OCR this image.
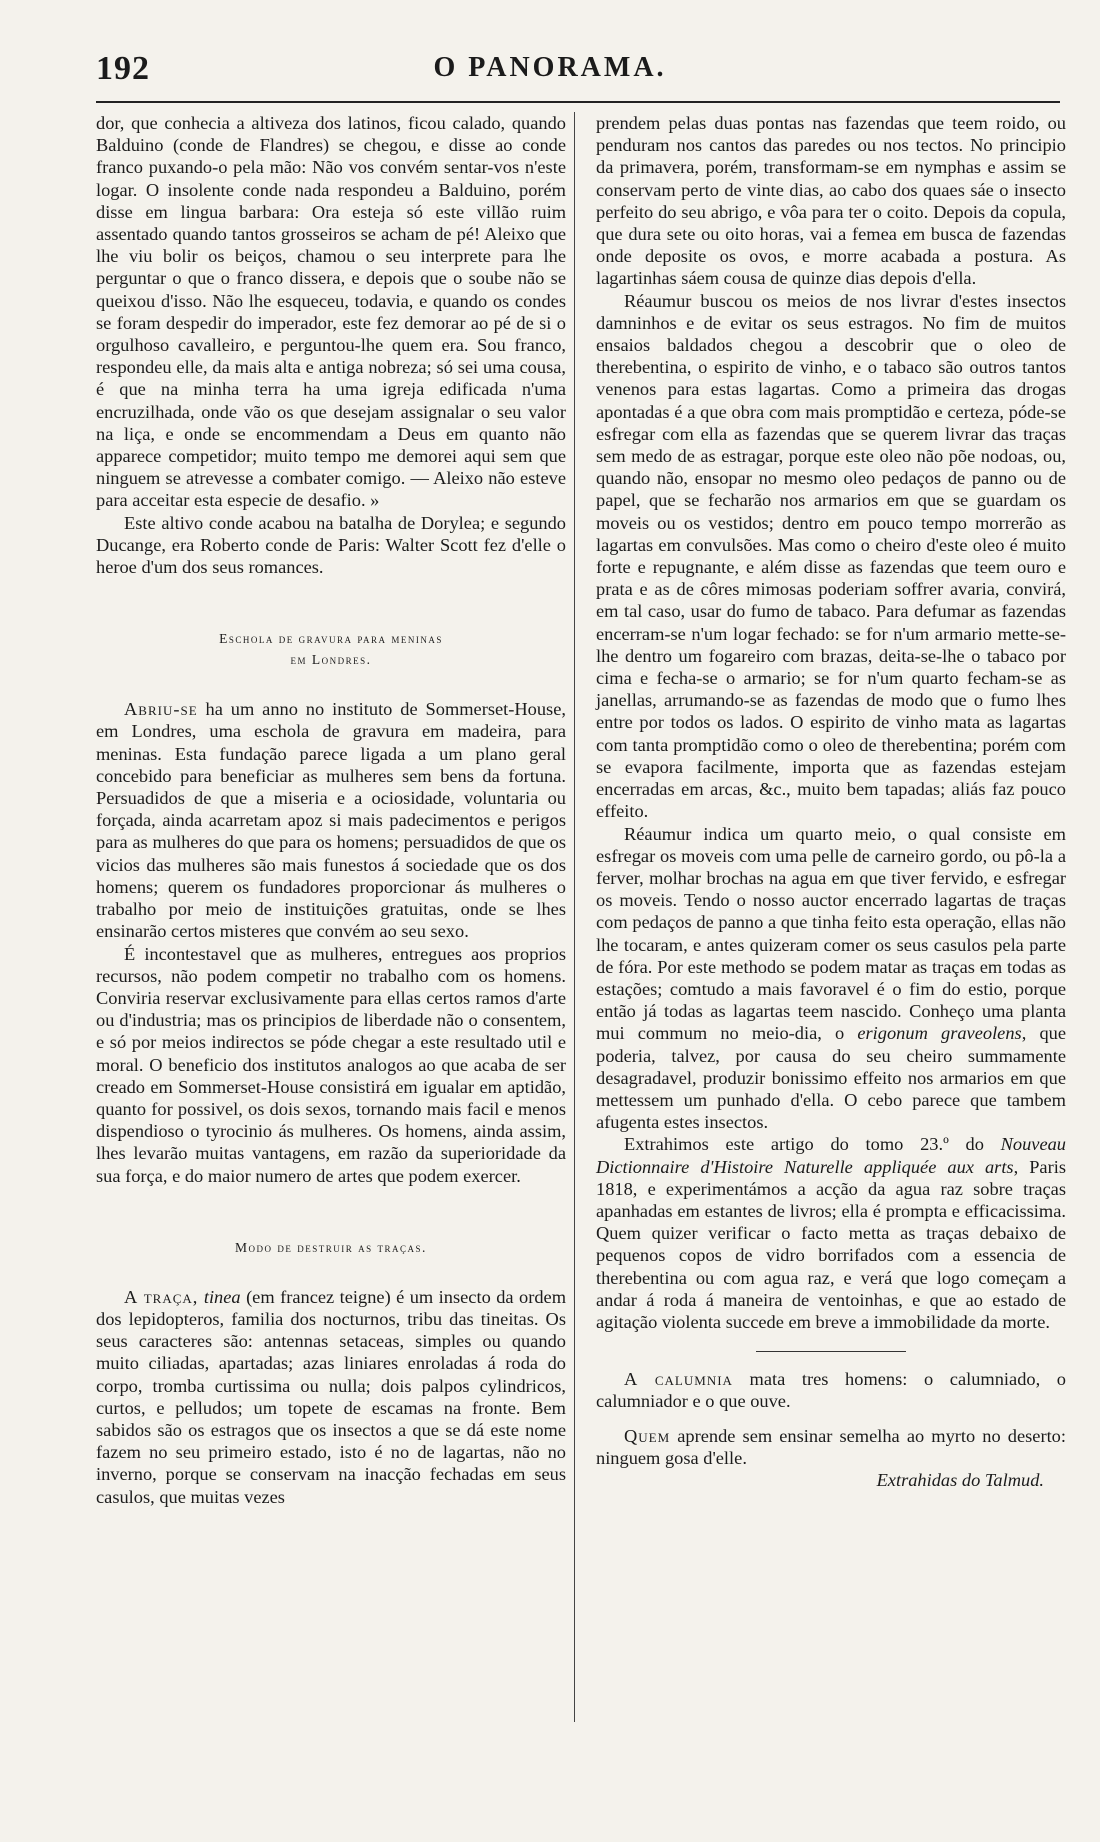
192	O PANORAMA.

dor, que conhecia a altiveza dos latinos, ficou calado, quando Balduino (conde de Flandres) se chegou, e disse ao conde franco puxando-o pela mão: Não vos convém sentar-vos n'este logar. O insolente conde nada respondeu a Balduino, porém disse em lingua barbara: Ora esteja só este villão ruim assentado quando tantos grosseiros se acham de pé! Aleixo que lhe viu bolir os beiços, chamou o seu interprete para lhe perguntar o que o franco dissera, e depois que o soube não se queixou d'isso. Não lhe esqueceu, todavia, e quando os condes se foram despedir do imperador, este fez demorar ao pé de si o orgulhoso cavalleiro, e perguntou-lhe quem era. Sou franco, respondeu elle, da mais alta e antiga nobreza; só sei uma cousa, é que na minha terra ha uma igreja edificada n'uma encruzilhada, onde vão os que desejam assignalar o seu valor na liça, e onde se encommendam a Deus em quanto não apparece competidor; muito tempo me demorei aqui sem que ninguem se atrevesse a combater comigo. — Aleixo não esteve para acceitar esta especie de desafio. »

Este altivo conde acabou na batalha de Dorylea; e segundo Ducange, era Roberto conde de Paris: Walter Scott fez d'elle o heroe d'um dos seus romances.

Eschola de gravura para meninas
em Londres.

Abriu-se ha um anno no instituto de Sommerset-House, em Londres, uma eschola de gravura em madeira, para meninas. Esta fundação parece ligada a um plano geral concebido para beneficiar as mulheres sem bens da fortuna. Persuadidos de que a miseria e a ociosidade, voluntaria ou forçada, ainda acarretam apoz si mais padecimentos e perigos para as mulheres do que para os homens; persuadidos de que os vicios das mulheres são mais funestos á sociedade que os dos homens; querem os fundadores proporcionar ás mulheres o trabalho por meio de instituições gratuitas, onde se lhes ensinarão certos misteres que convém ao seu sexo.

É incontestavel que as mulheres, entregues aos proprios recursos, não podem competir no trabalho com os homens. Conviria reservar exclusivamente para ellas certos ramos d'arte ou d'industria; mas os principios de liberdade não o consentem, e só por meios indirectos se póde chegar a este resultado util e moral. O beneficio dos institutos analogos ao que acaba de ser creado em Sommerset-House consistirá em igualar em aptidão, quanto for possivel, os dois sexos, tornando mais facil e menos dispendioso o tyrocinio ás mulheres. Os homens, ainda assim, lhes levarão muitas vantagens, em razão da superioridade da sua força, e do maior numero de artes que podem exercer.

Modo de destruir as traças.

A traça, tinea (em francez teigne) é um insecto da ordem dos lepidopteros, familia dos nocturnos, tribu das tineitas. Os seus caracteres são: antennas setaceas, simples ou quando muito ciliadas, apartadas; azas liniares enroladas á roda do corpo, tromba curtissima ou nulla; dois palpos cylindricos, curtos, e pelludos; um topete de escamas na fronte. Bem sabidos são os estragos que os insectos a que se dá este nome fazem no seu primeiro estado, isto é no de lagartas, não no inverno, porque se conservam na inacção fechadas em seus casulos, que muitas vezes

prendem pelas duas pontas nas fazendas que teem roido, ou penduram nos cantos das paredes ou nos tectos. No principio da primavera, porém, transformam-se em nymphas e assim se conservam perto de vinte dias, ao cabo dos quaes sáe o insecto perfeito do seu abrigo, e vôa para ter o coito. Depois da copula, que dura sete ou oito horas, vai a femea em busca de fazendas onde deposite os ovos, e morre acabada a postura. As lagartinhas sáem cousa de quinze dias depois d'ella.

Réaumur buscou os meios de nos livrar d'estes insectos damninhos e de evitar os seus estragos. No fim de muitos ensaios baldados chegou a descobrir que o oleo de therebentina, o espirito de vinho, e o tabaco são outros tantos venenos para estas lagartas. Como a primeira das drogas apontadas é a que obra com mais promptidão e certeza, póde-se esfregar com ella as fazendas que se querem livrar das traças sem medo de as estragar, porque este oleo não põe nodoas, ou, quando não, ensopar no mesmo oleo pedaços de panno ou de papel, que se fecharão nos armarios em que se guardam os moveis ou os vestidos; dentro em pouco tempo morrerão as lagartas em convulsões. Mas como o cheiro d'este oleo é muito forte e repugnante, e além disse as fazendas que teem ouro e prata e as de côres mimosas poderiam soffrer avaria, convirá, em tal caso, usar do fumo de tabaco. Para defumar as fazendas encerram-se n'um logar fechado: se for n'um armario mette-se-lhe dentro um fogareiro com brazas, deita-se-lhe o tabaco por cima e fecha-se o armario; se for n'um quarto fecham-se as janellas, arrumando-se as fazendas de modo que o fumo lhes entre por todos os lados. O espirito de vinho mata as lagartas com tanta promptidão como o oleo de therebentina; porém com se evapora facilmente, importa que as fazendas estejam encerradas em arcas, &c., muito bem tapadas; aliás faz pouco effeito.

Réaumur indica um quarto meio, o qual consiste em esfregar os moveis com uma pelle de carneiro gordo, ou pô-la a ferver, molhar brochas na agua em que tiver fervido, e esfregar os moveis. Tendo o nosso auctor encerrado lagartas de traças com pedaços de panno a que tinha feito esta operação, ellas não lhe tocaram, e antes quizeram comer os seus casulos pela parte de fóra. Por este methodo se podem matar as traças em todas as estações; comtudo a mais favoravel é o fim do estio, porque então já todas as lagartas teem nascido. Conheço uma planta mui commum no meio-dia, o erigonum graveolens, que poderia, talvez, por causa do seu cheiro summamente desagradavel, produzir bonissimo effeito nos armarios em que mettessem um punhado d'ella. O cebo parece que tambem afugenta estes insectos.

Extrahimos este artigo do tomo 23.º do Nouveau Dictionnaire d'Histoire Naturelle appliquée aux arts, Paris 1818, e experimentámos a acção da agua raz sobre traças apanhadas em estantes de livros; ella é prompta e efficacissima. Quem quizer verificar o facto metta as traças debaixo de pequenos copos de vidro borrifados com a essencia de therebentina ou com agua raz, e verá que logo começam a andar á roda á maneira de ventoinhas, e que ao estado de agitação violenta succede em breve a immobilidade da morte.

A calumnia mata tres homens: o calumniado, o calumniador e o que ouve.

Quem aprende sem ensinar semelha ao myrto no deserto: ninguem gosa d'elle.

Extrahidas do Talmud.
